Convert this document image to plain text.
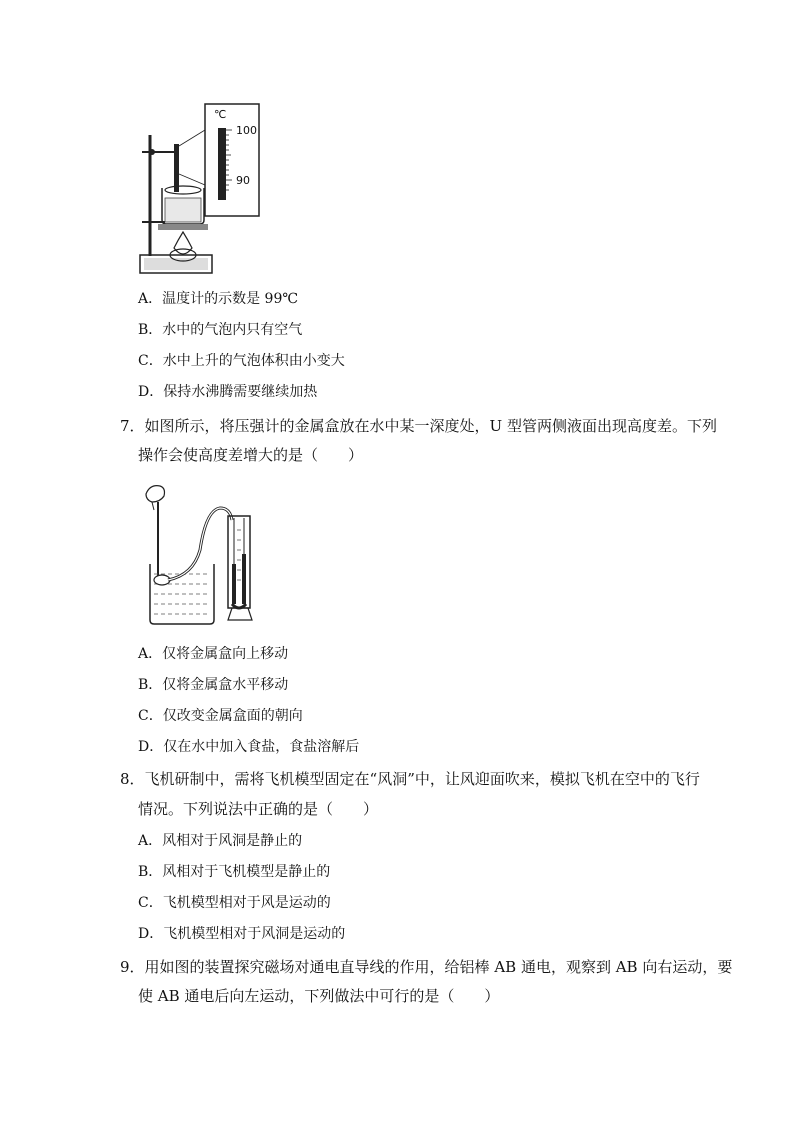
℃
100
90
A．温度计的示数是 99℃
B．水中的气泡内只有空气
C．水中上升的气泡体积由小变大
D．保持水沸腾需要继续加热
7．如图所示，将压强计的金属盒放在水中某一深度处，U 型管两侧液面出现高度差。下列
操作会使高度差增大的是（　　）
A．仅将金属盒向上移动
B．仅将金属盒水平移动
C．仅改变金属盒面的朝向
D．仅在水中加入食盐，食盐溶解后
8．飞机研制中，需将飞机模型固定在“风洞”中，让风迎面吹来，模拟飞机在空中的飞行
情况。下列说法中正确的是（　　）
A．风相对于风洞是静止的
B．风相对于飞机模型是静止的
C．飞机模型相对于风是运动的
D．飞机模型相对于风洞是运动的
9．用如图的装置探究磁场对通电直导线的作用，给铝棒 AB 通电，观察到 AB 向右运动，要
使 AB 通电后向左运动，下列做法中可行的是（　　）
